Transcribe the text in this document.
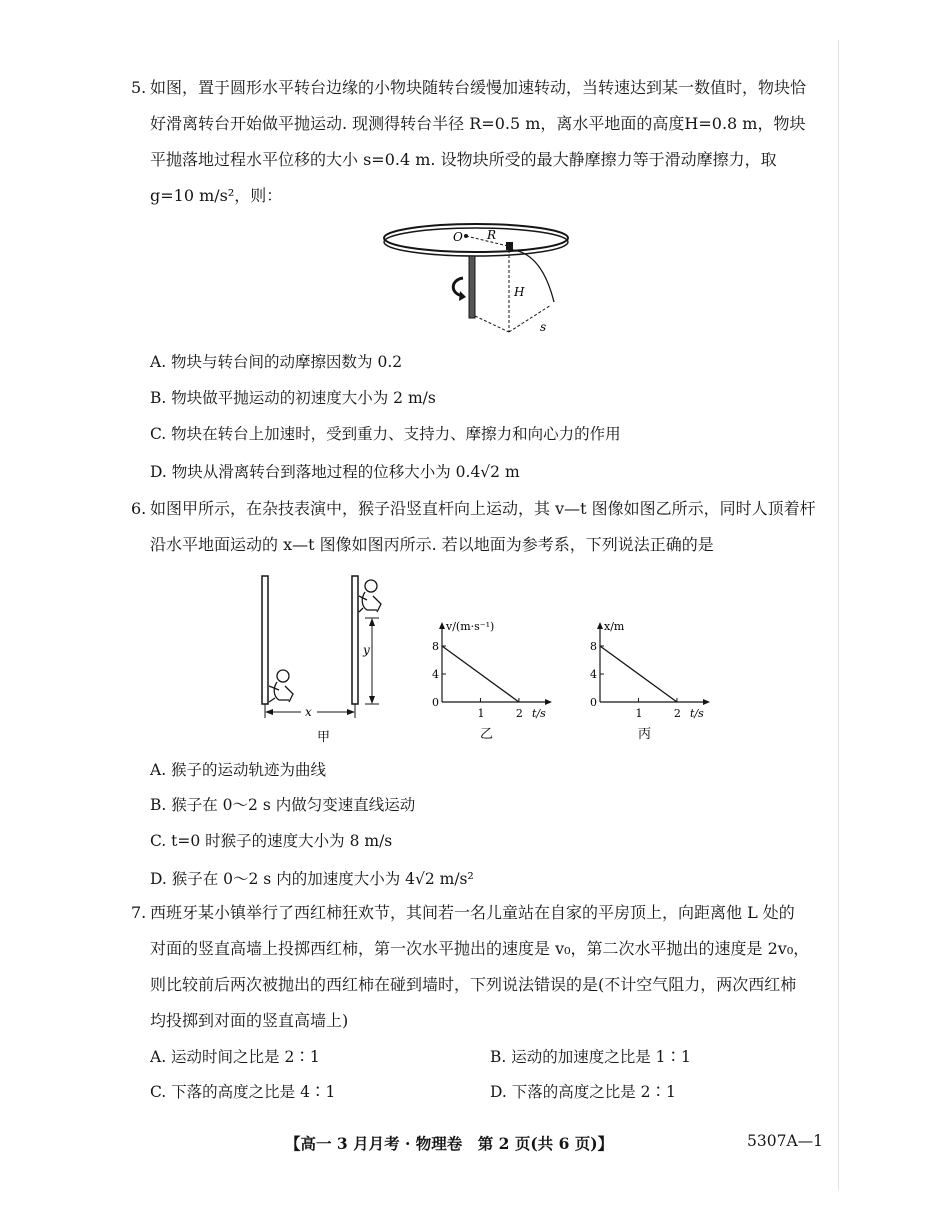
5. 如图，置于圆形水平转台边缘的小物块随转台缓慢加速转动，当转速达到某一数值时，物块恰
好滑离转台开始做平抛运动. 现测得转台半径 R=0.5 m，离水平地面的高度H=0.8 m，物块
平抛落地过程水平位移的大小 s=0.4 m. 设物块所受的最大静摩擦力等于滑动摩擦力，取
g=10 m/s²，则：
O R
H
s
A. 物块与转台间的动摩擦因数为 0.2
B. 物块做平抛运动的初速度大小为 2 m/s
C. 物块在转台上加速时，受到重力、支持力、摩擦力和向心力的作用
D. 物块从滑离转台到落地过程的位移大小为 0.4√2 m
6. 如图甲所示，在杂技表演中，猴子沿竖直杆向上运动，其 v—t 图像如图乙所示，同时人顶着杆
沿水平地面运动的 x—t 图像如图丙所示. 若以地面为参考系，下列说法正确的是
y
x
甲
v/(m·s⁻¹)
t/s
0
4
8
1	2
乙
x/m
t/s
0
4
8
1	2
丙
A. 猴子的运动轨迹为曲线
B. 猴子在 0～2 s 内做匀变速直线运动
C. t=0 时猴子的速度大小为 8 m/s
D. 猴子在 0～2 s 内的加速度大小为 4√2 m/s²
7. 西班牙某小镇举行了西红柿狂欢节，其间若一名儿童站在自家的平房顶上，向距离他 L 处的
对面的竖直高墙上投掷西红柿，第一次水平抛出的速度是 v₀，第二次水平抛出的速度是 2v₀，
则比较前后两次被抛出的西红柿在碰到墙时，下列说法错误的是(不计空气阻力，两次西红柿
均投掷到对面的竖直高墙上)
A. 运动时间之比是 2∶1	B. 运动的加速度之比是 1∶1
C. 下落的高度之比是 4∶1	D. 下落的高度之比是 2∶1
【高一 3 月月考 · 物理卷　第 2 页(共 6 页)】	5307A—1
